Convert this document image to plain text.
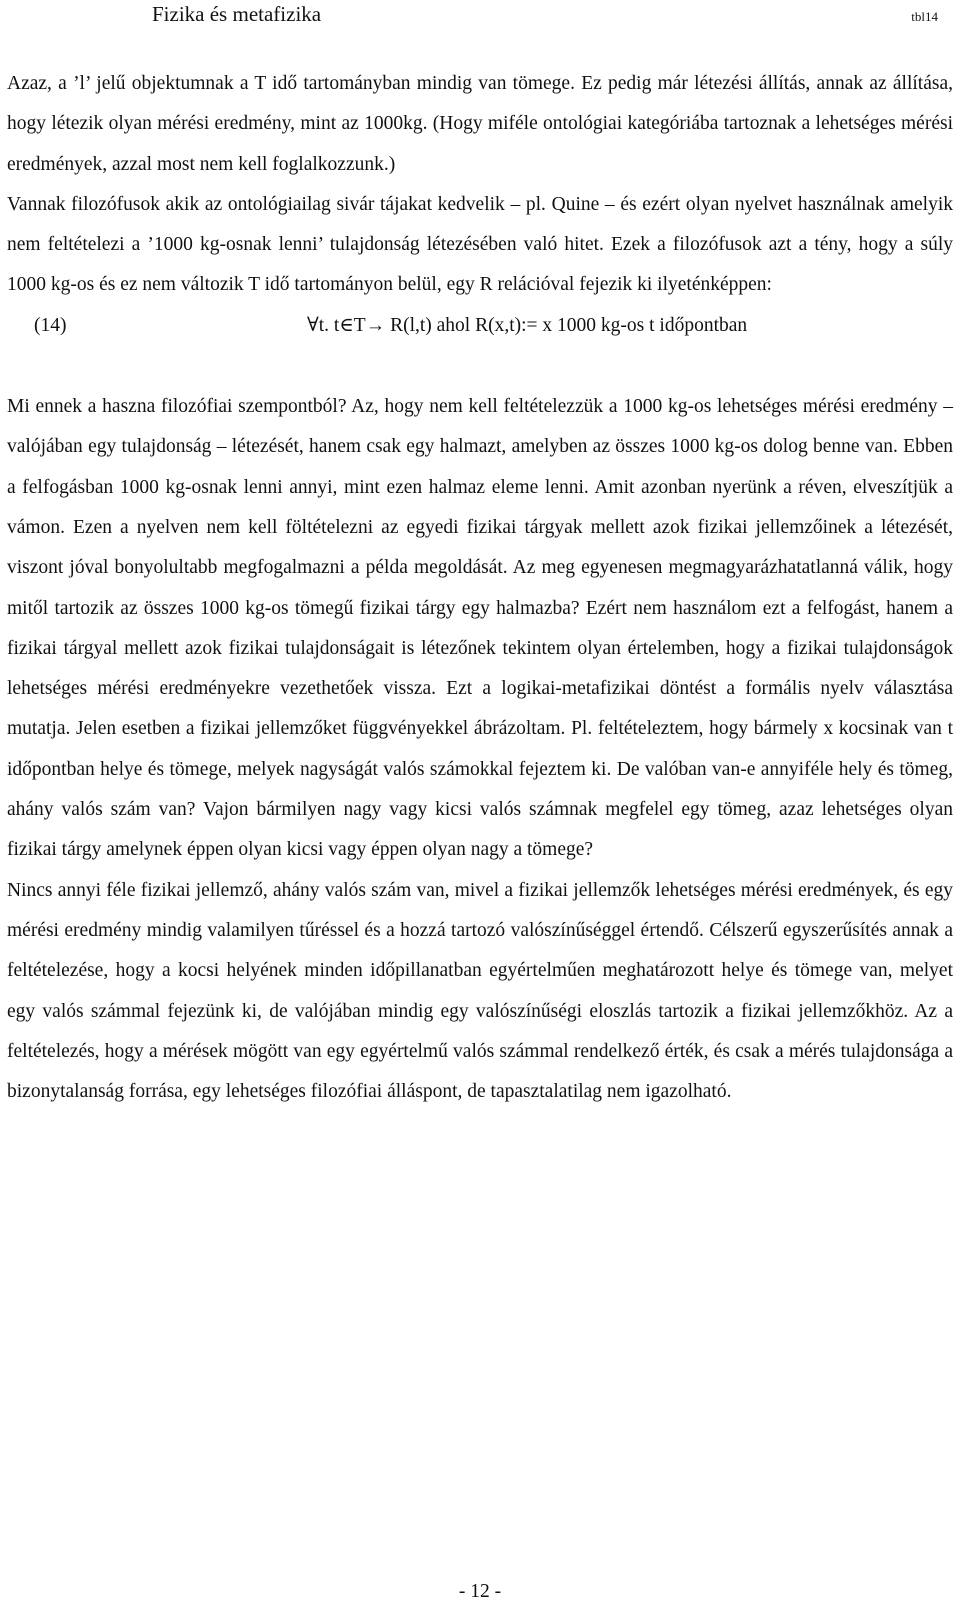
Fizika és metafizika	tbl14

Azaz, a ’l’ jelű objektumnak a T idő tartományban mindig van tömege. Ez pedig már létezési állítás, annak az állítása, hogy létezik olyan mérési eredmény, mint az 1000kg. (Hogy miféle ontológiai kategóriába tartoznak a lehetséges mérési eredmények, azzal most nem kell foglalkozzunk.)

Vannak filozófusok akik az ontológiailag sivár tájakat kedvelik – pl. Quine – és ezért olyan nyelvet használnak amelyik nem feltételezi a ’1000 kg-osnak lenni’ tulajdonság létezésében való hitet. Ezek a filozófusok azt a tény, hogy a súly 1000 kg-os és ez nem változik T idő tartományon belül, egy R relációval fejezik ki ilyeténképpen:

(14)	∀t. t∈T→ R(l,t) ahol R(x,t):= x 1000 kg-os t időpontban

Mi ennek a haszna filozófiai szempontból? Az, hogy nem kell feltételezzük a 1000 kg-os lehetséges mérési eredmény – valójában egy tulajdonság – létezését, hanem csak egy halmazt, amelyben az összes 1000 kg-os dolog benne van. Ebben a felfogásban 1000 kg-osnak lenni annyi, mint ezen halmaz eleme lenni. Amit azonban nyerünk a réven, elveszítjük a vámon. Ezen a nyelven nem kell föltételezni az egyedi fizikai tárgyak mellett azok fizikai jellemzőinek a létezését, viszont jóval bonyolultabb megfogalmazni a példa megoldását. Az meg egyenesen megmagyarázhatatlanná válik, hogy mitől tartozik az összes 1000 kg-os tömegű fizikai tárgy egy halmazba? Ezért nem használom ezt a felfogást, hanem a fizikai tárgyal mellett azok fizikai tulajdonságait is létezőnek tekintem olyan értelemben, hogy a fizikai tulajdonságok lehetséges mérési eredményekre vezethetőek vissza. Ezt a logikai-metafizikai döntést a formális nyelv választása mutatja. Jelen esetben a fizikai jellemzőket függvényekkel ábrázoltam. Pl. feltételeztem, hogy bármely x kocsinak van t időpontban helye és tömege, melyek nagyságát valós számokkal fejeztem ki. De valóban van-e annyiféle hely és tömeg, ahány valós szám van? Vajon bármilyen nagy vagy kicsi valós számnak megfelel egy tömeg, azaz lehetséges olyan fizikai tárgy amelynek éppen olyan kicsi vagy éppen olyan nagy a tömege?

Nincs annyi féle fizikai jellemző, ahány valós szám van, mivel a fizikai jellemzők lehetséges mérési eredmények, és egy mérési eredmény mindig valamilyen tűréssel és a hozzá tartozó valószínűséggel értendő. Célszerű egyszerűsítés annak a feltételezése, hogy a kocsi helyének minden időpillanatban egyértelműen meghatározott helye és tömege van, melyet egy valós számmal fejezünk ki, de valójában mindig egy valószínűségi eloszlás tartozik a fizikai jellemzőkhöz. Az a feltételezés, hogy a mérések mögött van egy egyértelmű valós számmal rendelkező érték, és csak a mérés tulajdonsága a bizonytalanság forrása, egy lehetséges filozófiai álláspont, de tapasztalatilag nem igazolható.

- 12 -
